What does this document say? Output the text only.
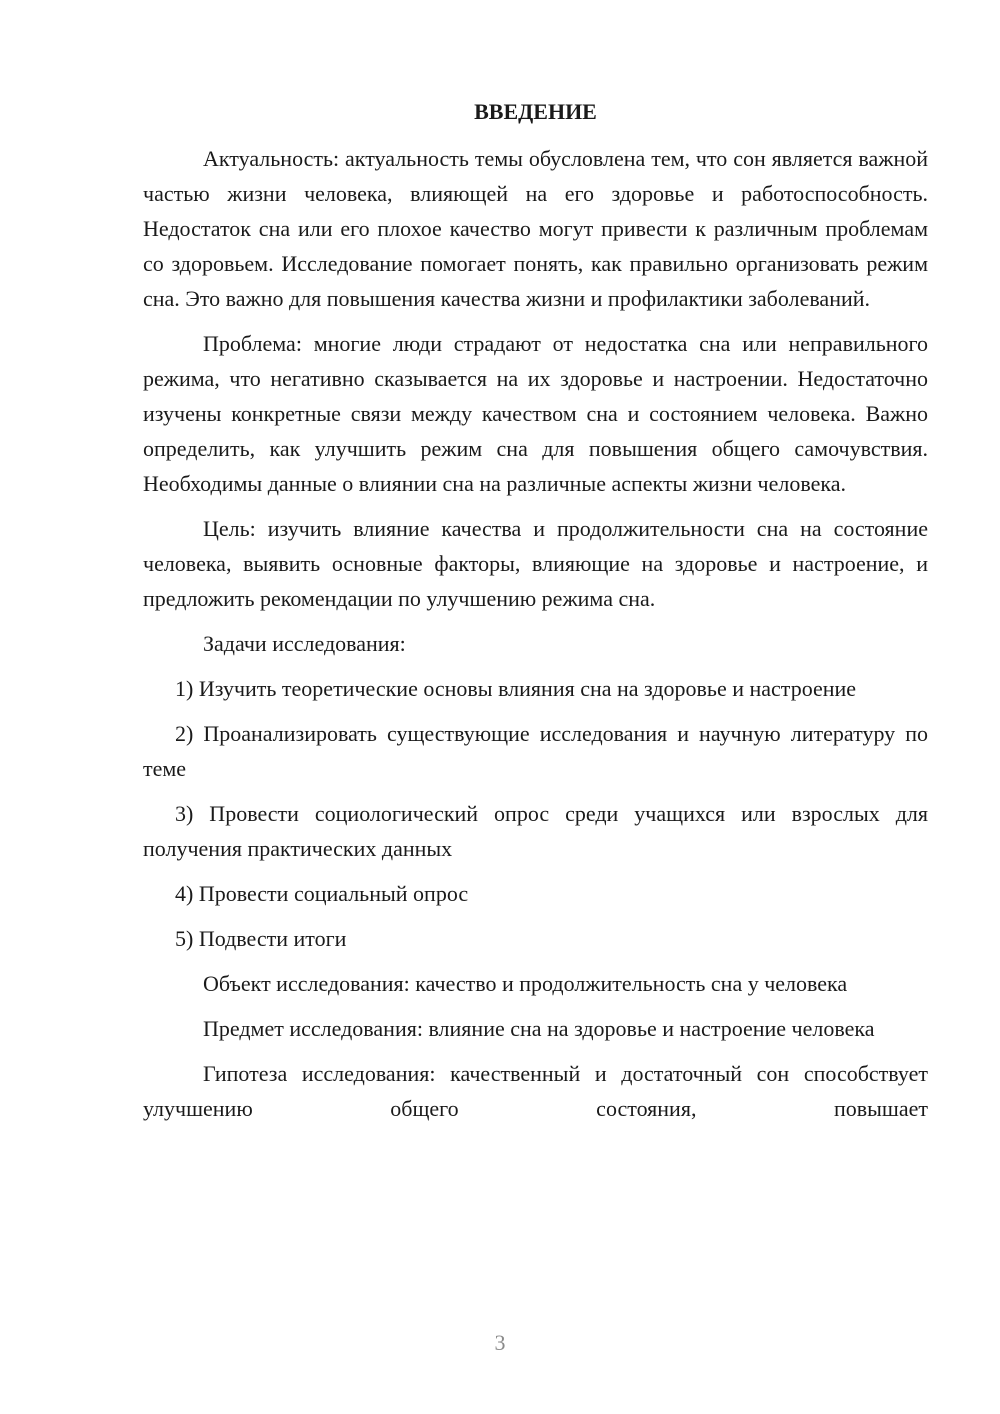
ВВЕДЕНИЕ

Актуальность: актуальность темы обусловлена тем, что сон является важной частью жизни человека, влияющей на его здоровье и работоспособность. Недостаток сна или его плохое качество могут привести к различным проблемам со здоровьем. Исследование помогает понять, как правильно организовать режим сна. Это важно для повышения качества жизни и профилактики заболеваний.

Проблема: многие люди страдают от недостатка сна или неправильного режима, что негативно сказывается на их здоровье и настроении. Недостаточно изучены конкретные связи между качеством сна и состоянием человека. Важно определить, как улучшить режим сна для повышения общего самочувствия. Необходимы данные о влиянии сна на различные аспекты жизни человека.

Цель: изучить влияние качества и продолжительности сна на состояние человека, выявить основные факторы, влияющие на здоровье и настроение, и предложить рекомендации по улучшению режима сна.

Задачи исследования:

1) Изучить теоретические основы влияния сна на здоровье и настроение

2) Проанализировать существующие исследования и научную литературу по теме

3) Провести социологический опрос среди учащихся или взрослых для получения практических данных

4) Провести социальный опрос

5) Подвести итоги

Объект исследования: качество и продолжительность сна у человека

Предмет исследования: влияние сна на здоровье и настроение человека

Гипотеза исследования: качественный и достаточный сон способствует улучшению общего состояния, повышает

3
